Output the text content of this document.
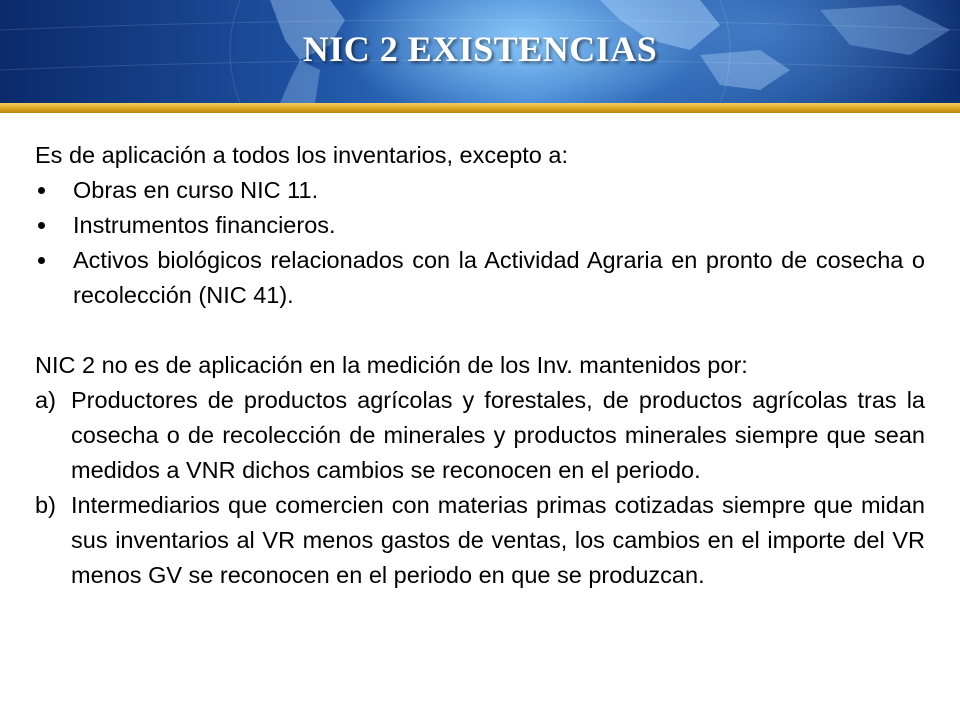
NIC 2 EXISTENCIAS
Es de aplicación a todos los inventarios, excepto a:
Obras en curso NIC 11.
Instrumentos financieros.
Activos biológicos relacionados con la Actividad Agraria en pronto de cosecha o recolección (NIC 41).
NIC 2 no es de aplicación en la medición de los Inv. mantenidos por:
a) Productores de productos agrícolas y forestales, de productos agrícolas tras la cosecha o de recolección de minerales y productos minerales siempre que sean medidos a VNR dichos cambios se reconocen en el periodo.
b) Intermediarios que comercien con materias primas cotizadas siempre que midan sus inventarios al VR menos gastos de ventas, los cambios en el importe del VR menos GV se reconocen en el periodo en que se produzcan.
